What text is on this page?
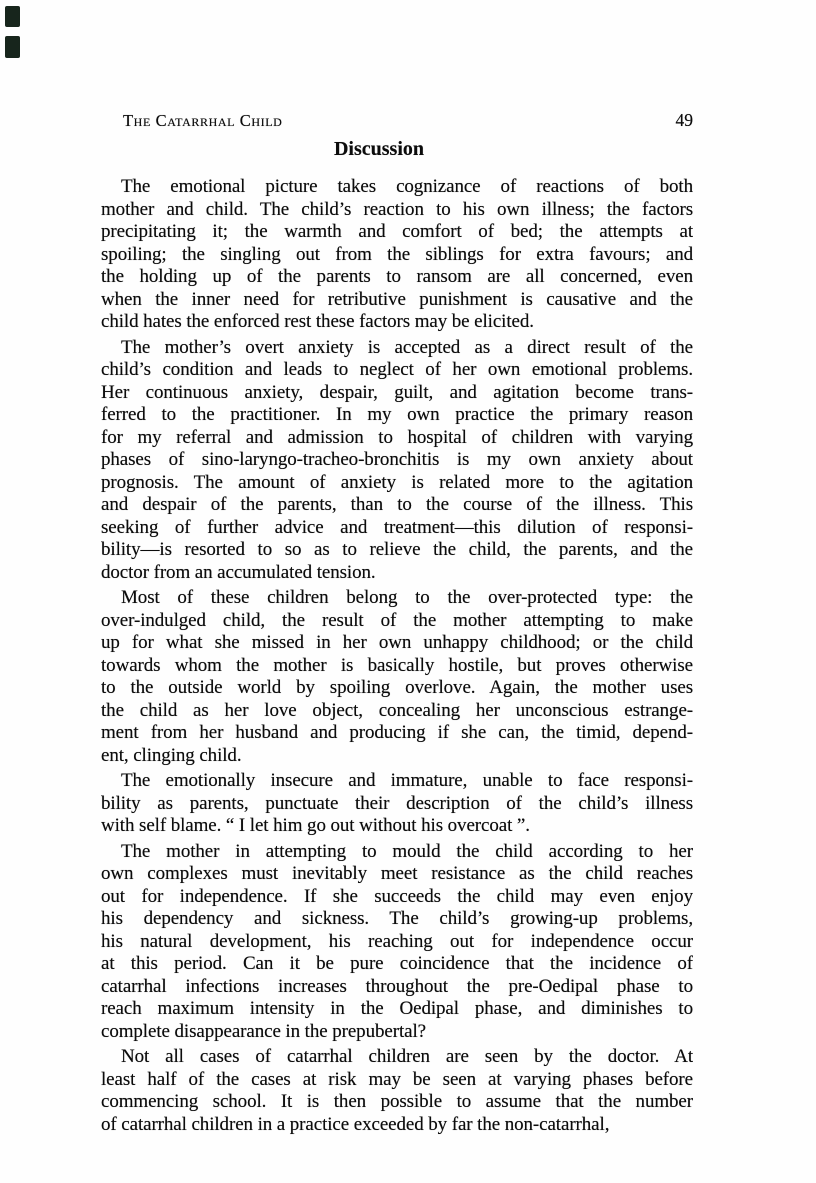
The Catarrhal Child	49
Discussion
The emotional picture takes cognizance of reactions of both
mother and child. The child’s reaction to his own illness; the factors
precipitating it; the warmth and comfort of bed; the attempts at
spoiling; the singling out from the siblings for extra favours; and
the holding up of the parents to ransom are all concerned, even
when the inner need for retributive punishment is causative and the
child hates the enforced rest these factors may be elicited.
The mother’s overt anxiety is accepted as a direct result of the
child’s condition and leads to neglect of her own emotional problems.
Her continuous anxiety, despair, guilt, and agitation become trans-
ferred to the practitioner. In my own practice the primary reason
for my referral and admission to hospital of children with varying
phases of sino-laryngo-tracheo-bronchitis is my own anxiety about
prognosis. The amount of anxiety is related more to the agitation
and despair of the parents, than to the course of the illness. This
seeking of further advice and treatment—this dilution of responsi-
bility—is resorted to so as to relieve the child, the parents, and the
doctor from an accumulated tension.
Most of these children belong to the over-protected type: the
over-indulged child, the result of the mother attempting to make
up for what she missed in her own unhappy childhood; or the child
towards whom the mother is basically hostile, but proves otherwise
to the outside world by spoiling overlove. Again, the mother uses
the child as her love object, concealing her unconscious estrange-
ment from her husband and producing if she can, the timid, depend-
ent, clinging child.
The emotionally insecure and immature, unable to face responsi-
bility as parents, punctuate their description of the child’s illness
with self blame. “ I let him go out without his overcoat ”.
The mother in attempting to mould the child according to her
own complexes must inevitably meet resistance as the child reaches
out for independence. If she succeeds the child may even enjoy
his dependency and sickness. The child’s growing-up problems,
his natural development, his reaching out for independence occur
at this period. Can it be pure coincidence that the incidence of
catarrhal infections increases throughout the pre-Oedipal phase to
reach maximum intensity in the Oedipal phase, and diminishes to
complete disappearance in the prepubertal?
Not all cases of catarrhal children are seen by the doctor. At
least half of the cases at risk may be seen at varying phases before
commencing school. It is then possible to assume that the number
of catarrhal children in a practice exceeded by far the non-catarrhal,
